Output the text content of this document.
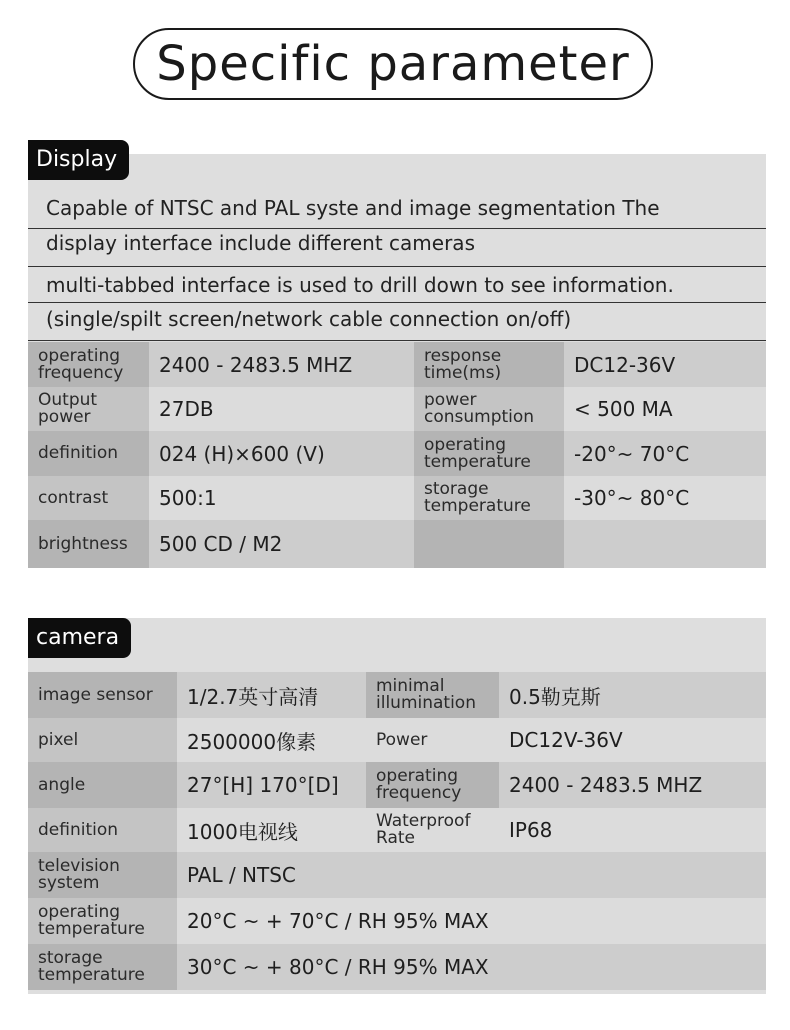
Specific parameter
Display
Capable of NTSC and PAL syste and image segmentation The
display interface include different cameras
multi-tabbed interface is used to drill down to see information.
(single/spilt screen/network cable connection on/off)
operating frequency	2400 - 2483.5 MHZ	response time(ms)	DC12-36V
Output power	27DB	power consumption	< 500 MA
definition	024 (H)×600 (V)	operating temperature	-20°~ 70°C
contrast	500:1	storage temperature	-30°~ 80°C
brightness	500 CD / M2		
camera
image sensor	1/2.7英寸高清	minimal illumination	0.5勒克斯
pixel	2500000像素	Power	DC12V-36V
angle	27°[H] 170°[D]	operating frequency	2400 - 2483.5 MHZ
definition	1000电视线	Waterproof Rate	IP68
television system	PAL / NTSC		
operating temperature	20°C ~ + 70°C / RH 95% MAX		
storage temperature	30°C ~ + 80°C / RH 95% MAX		
